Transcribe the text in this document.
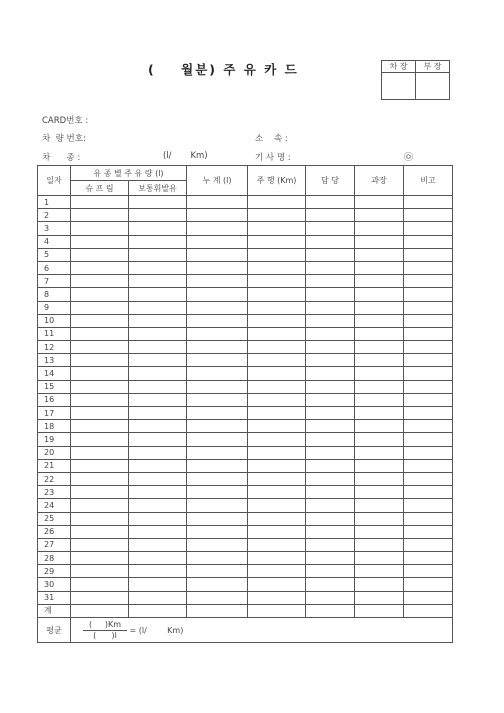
(    월분) 주 유 카 드	차 장	부 장

CARD번호 :
차  량 번호:	소    속 :
차      종 :	(l/       Km)	기 사 명 :	㉧
일자	유 종 별 주 유 량 (l)		누 계 (l)	주 행 (Km)	담 당	과장	비고
	슈 프 림	보통휘발유					
1							
2							
3							
4							
5							
6							
7							
8							
9							
10							
11							
12							
13							
14							
15							
16							
17							
18							
19							
20							
21							
22							
23							
24							
25							
26							
27							
28							
29							
30							
31							
계							
평균	$\frac{( )Km}{( )l} = (l/$        Km)						
